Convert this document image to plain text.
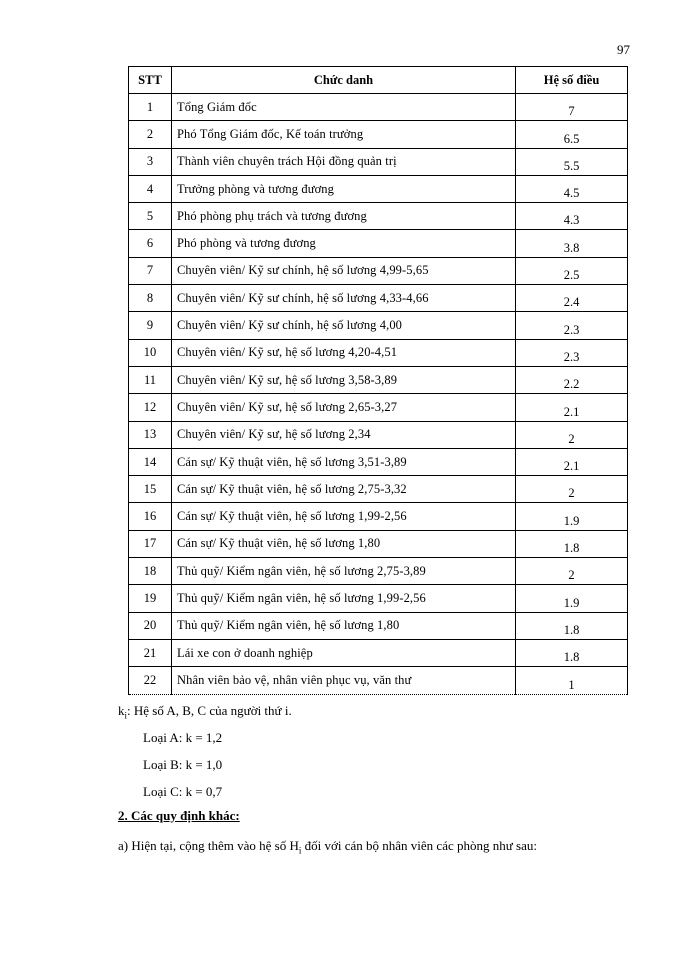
97
STT	Chức danh	Hệ số điều
1	Tổng Giám đốc	7
2	Phó Tổng Giám đốc, Kế toán trưởng	6.5
3	Thành viên chuyên trách Hội đồng quản trị	5.5
4	Trưởng phòng và tương đương	4.5
5	Phó phòng phụ trách và tương đương	4.3
6	Phó phòng và tương đương	3.8
7	Chuyên viên/ Kỹ sư chính, hệ số lương 4,99-5,65	2.5
8	Chuyên viên/ Kỹ sư chính, hệ số lương 4,33-4,66	2.4
9	Chuyên viên/ Kỹ sư chính, hệ số lương 4,00	2.3
10	Chuyên viên/ Kỹ sư, hệ số lương 4,20-4,51	2.3
11	Chuyên viên/ Kỹ sư, hệ số lương 3,58-3,89	2.2
12	Chuyên viên/ Kỹ sư, hệ số lương 2,65-3,27	2.1
13	Chuyên viên/ Kỹ sư, hệ số lương 2,34	2
14	Cán sự/ Kỹ thuật viên, hệ số lương 3,51-3,89	2.1
15	Cán sự/ Kỹ thuật viên, hệ số lương 2,75-3,32	2
16	Cán sự/ Kỹ thuật viên, hệ số lương 1,99-2,56	1.9
17	Cán sự/ Kỹ thuật viên, hệ số lương 1,80	1.8
18	Thủ quỹ/ Kiểm ngân viên, hệ số lương 2,75-3,89	2
19	Thủ quỹ/ Kiểm ngân viên, hệ số lương 1,99-2,56	1.9
20	Thủ quỹ/ Kiểm ngân viên, hệ số lương 1,80	1.8
21	Lái xe con ở doanh nghiệp	1.8
22	Nhân viên bảo vệ, nhân viên phục vụ, văn thư	1
$k_i$: Hệ số A, B, C của người thứ i.
Loại A: k = 1,2
Loại B: k = 1,0
Loại C: k = 0,7
2. Các quy định khác:
a) Hiện tại, cộng thêm vào hệ số $H_i$ đối với cán bộ nhân viên các phòng như sau:
